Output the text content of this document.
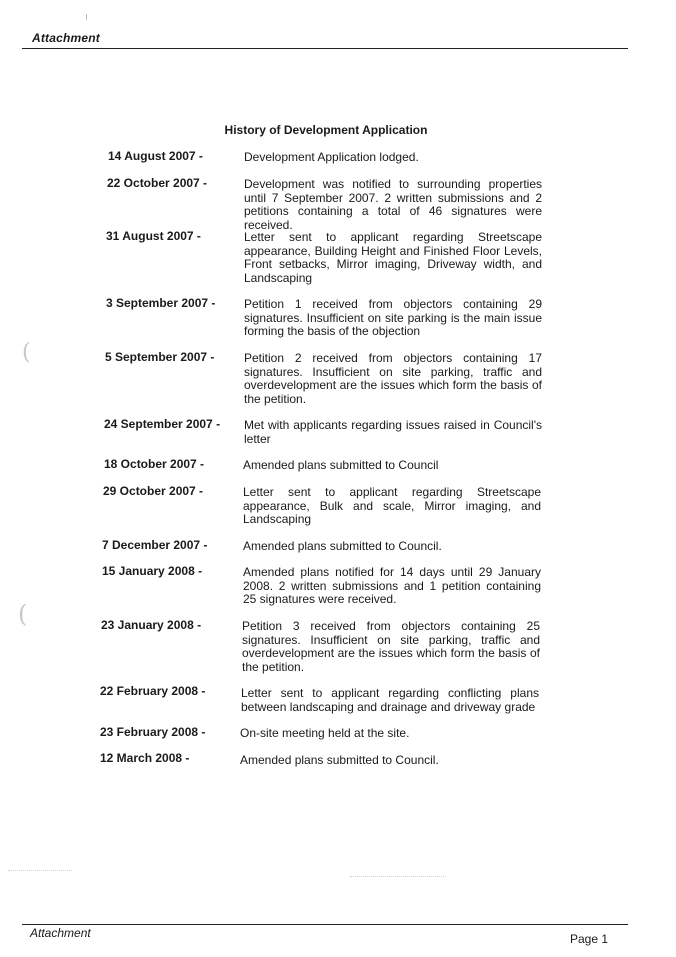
Attachment
History of Development Application
14 August 2007 -	Development Application lodged.
22 October 2007 -	Development was notified to surrounding properties until 7 September 2007. 2 written submissions and 2 petitions containing a total of 46 signatures were received.
31 August 2007 -	Letter sent to applicant regarding Streetscape appearance, Building Height and Finished Floor Levels, Front setbacks, Mirror imaging, Driveway width, and Landscaping
3 September 2007 - Petition 1 received from objectors containing 29 signatures. Insufficient on site parking is the main issue forming the basis of the objection
5 September 2007 - Petition 2 received from objectors containing 17 signatures. Insufficient on site parking, traffic and overdevelopment are the issues which form the basis of the petition.
24 September 2007 - Met with applicants regarding issues raised in Council's letter
18 October 2007 -	Amended plans submitted to Council
29 October 2007 -	Letter sent to applicant regarding Streetscape appearance, Bulk and scale, Mirror imaging, and Landscaping
7 December 2007 -	Amended plans submitted to Council.
15 January 2008 -	Amended plans notified for 14 days until 29 January 2008. 2 written submissions and 1 petition containing 25 signatures were received.
23 January 2008 -	Petition 3 received from objectors containing 25 signatures. Insufficient on site parking, traffic and overdevelopment are the issues which form the basis of the petition.
22 February 2008 -	Letter sent to applicant regarding conflicting plans between landscaping and drainage and driveway grade
23 February 2008 -	On-site meeting held at the site.
12 March 2008 -	Amended plans submitted to Council.
(
(
Attachment	Page 1
